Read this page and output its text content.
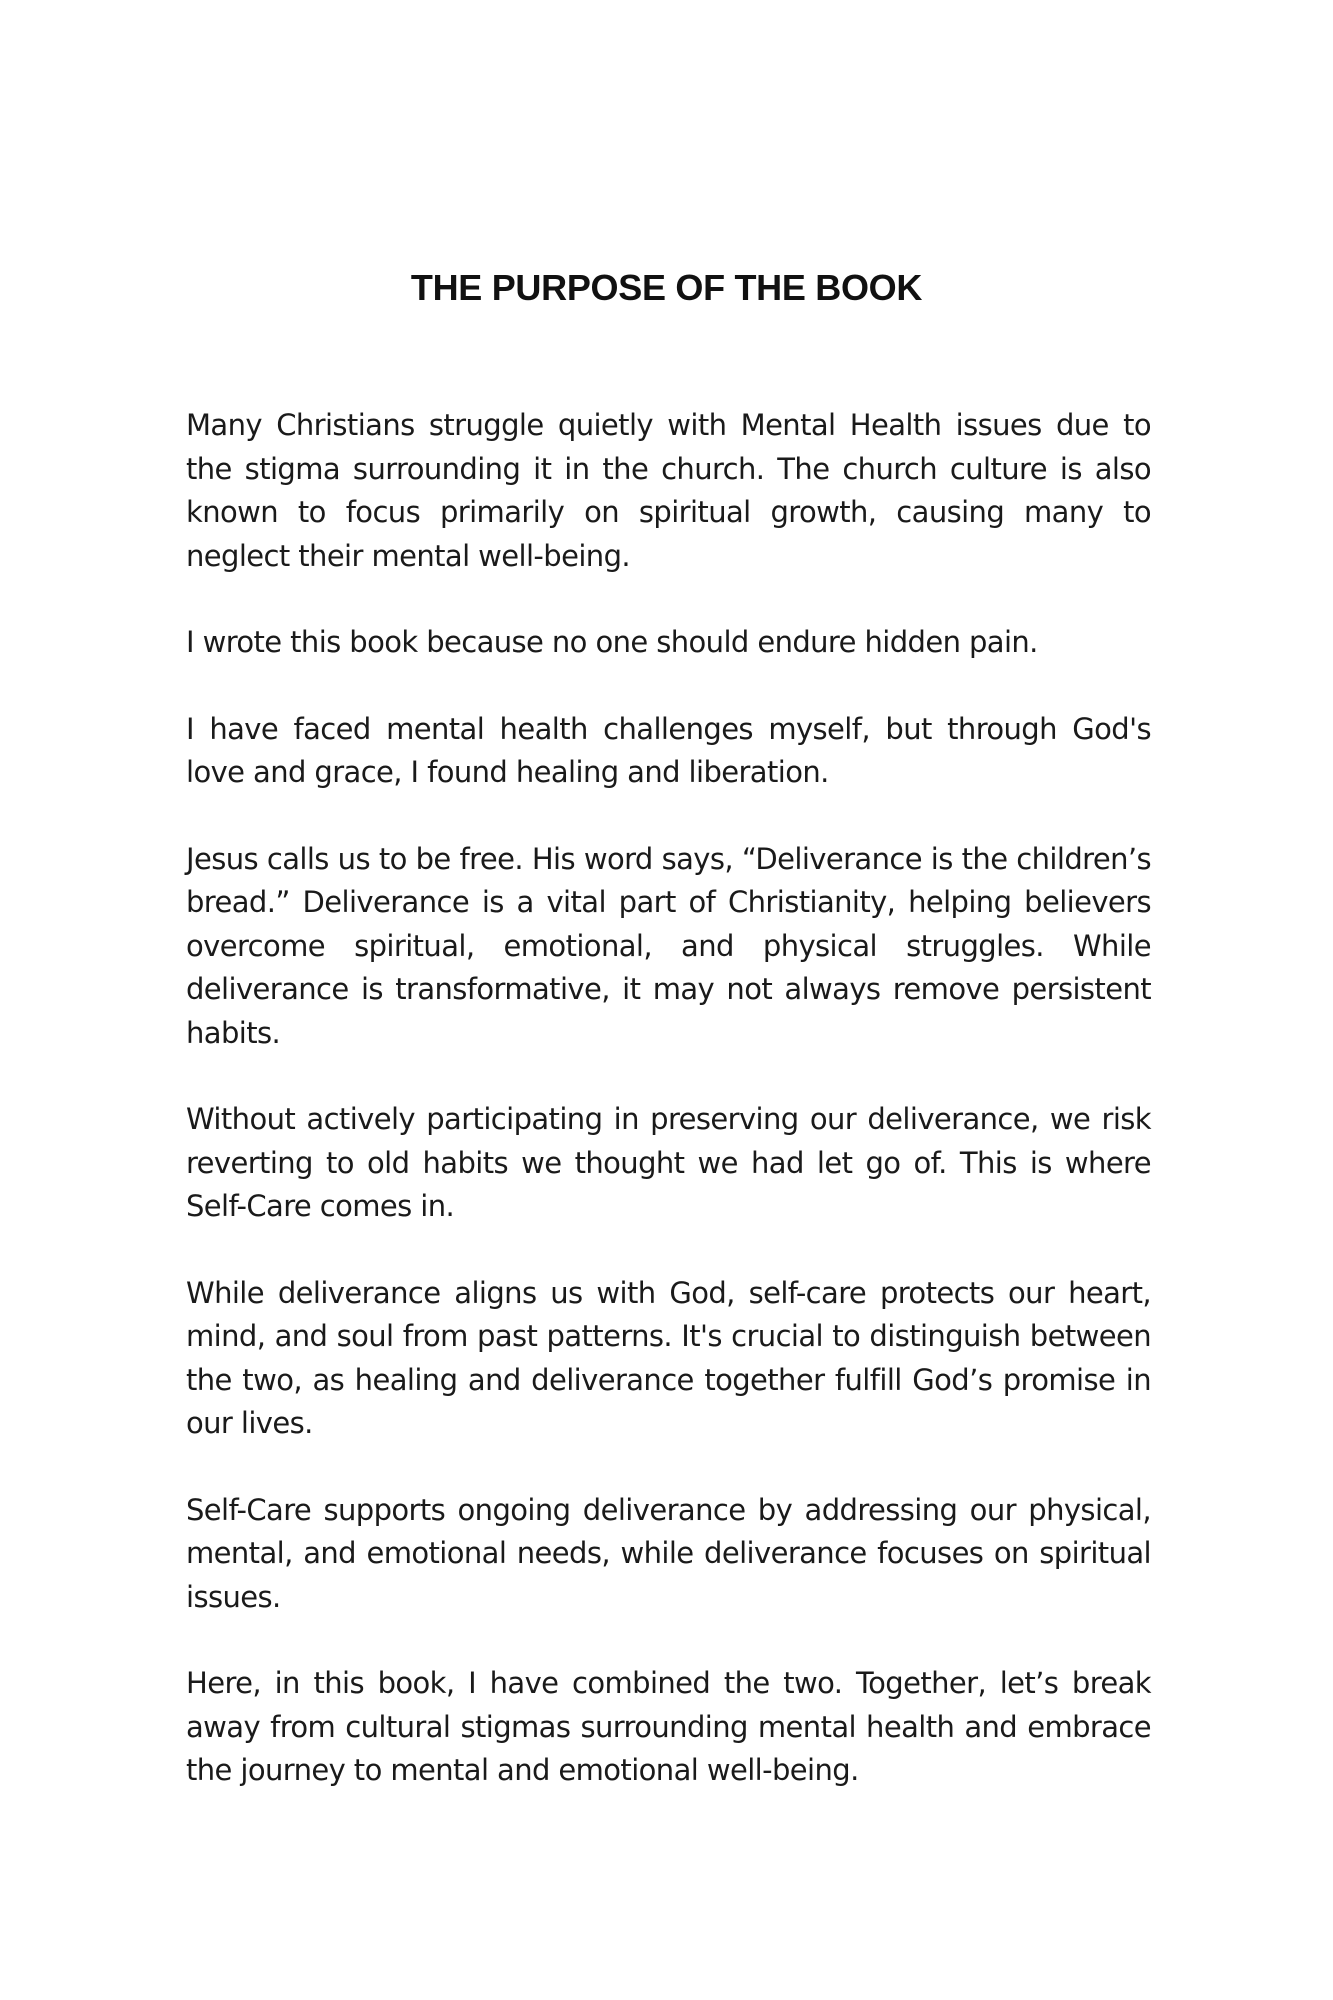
THE PURPOSE OF THE BOOK

Many Christians struggle quietly with Mental Health issues due to the stigma surrounding it in the church. The church culture is also known to focus primarily on spiritual growth, causing many to neglect their mental well-being.

I wrote this book because no one should endure hidden pain.

I have faced mental health challenges myself, but through God's love and grace, I found healing and liberation.

Jesus calls us to be free. His word says, “Deliverance is the children’s bread.” Deliverance is a vital part of Christianity, helping believers overcome spiritual, emotional, and physical struggles. While deliverance is transformative, it may not always remove persistent habits.

Without actively participating in preserving our deliverance, we risk reverting to old habits we thought we had let go of. This is where Self-Care comes in.

While deliverance aligns us with God, self-care protects our heart, mind, and soul from past patterns. It's crucial to distinguish between the two, as healing and deliverance together fulfill God’s promise in our lives.

Self-Care supports ongoing deliverance by addressing our physical, mental, and emotional needs, while deliverance focuses on spiritual issues.

Here, in this book, I have combined the two. Together, let’s break away from cultural stigmas surrounding mental health and embrace the journey to mental and emotional well-being.
